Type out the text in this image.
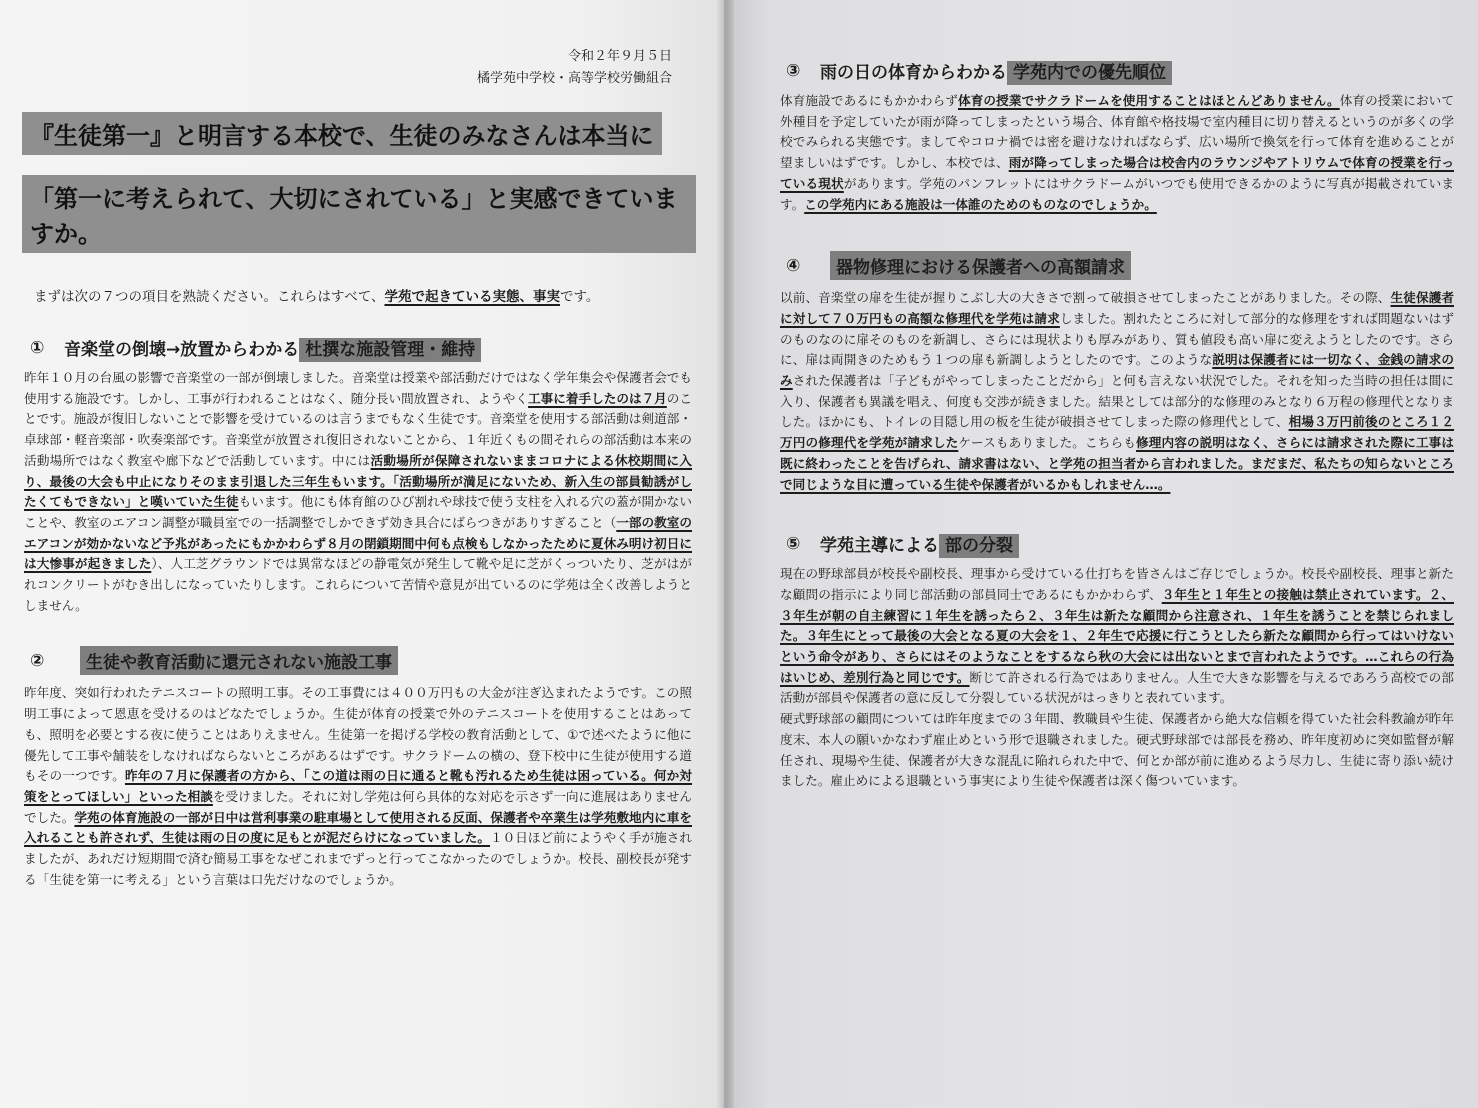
令和２年９月５日
橘学苑中学校・高等学校労働組合
『生徒第一』と明言する本校で、生徒のみなさんは本当に
「第一に考えられて、大切にされている」と実感できていますか。
まずは次の７つの項目を熟読ください。これらはすべて、学苑で起きている実態、事実です。
①	音楽堂の倒壊→放置からわかる 杜撰な施設管理・維持

昨年１０月の台風の影響で音楽堂の一部が倒壊しました。音楽堂は授業や部活動だけではなく学年集会や保護者会でも使用する施設です。しかし、工事が行われることはなく、随分長い間放置され、ようやく工事に着手したのは７月のことです。施設が復旧しないことで影響を受けているのは言うまでもなく生徒です。音楽堂を使用する部活動は剣道部・卓球部・軽音楽部・吹奏楽部です。音楽堂が放置され復旧されないことから、１年近くもの間それらの部活動は本来の活動場所ではなく教室や廊下などで活動しています。中には活動場所が保障されないままコロナによる休校期間に入り、最後の大会も中止になりそのまま引退した三年生もいます。「活動場所が満足にないため、新入生の部員勧誘がしたくてもできない」と嘆いていた生徒もいます。他にも体育館のひび割れや球技で使う支柱を入れる穴の蓋が開かないことや、教室のエアコン調整が職員室での一括調整でしかできず効き具合にばらつきがありすぎること（一部の教室のエアコンが効かないなど予兆があったにもかかわらず８月の閉鎖期間中何も点検もしなかったために夏休み明け初日には大惨事が起きました）、人工芝グラウンドでは異常なほどの静電気が発生して靴や足に芝がくっついたり、芝がはがれコンクリートがむき出しになっていたりします。これらについて苦情や意見が出ているのに学苑は全く改善しようとしません。

②	生徒や教育活動に還元されない施設工事

昨年度、突如行われたテニスコートの照明工事。その工事費には４００万円もの大金が注ぎ込まれたようです。この照明工事によって恩恵を受けるのはどなたでしょうか。生徒が体育の授業で外のテニスコートを使用することはあっても、照明を必要とする夜に使うことはありえません。生徒第一を掲げる学校の教育活動として、①で述べたように他に優先して工事や舗装をしなければならないところがあるはずです。サクラドームの横の、登下校中に生徒が使用する道もその一つです。昨年の７月に保護者の方から、「この道は雨の日に通ると靴も汚れるため生徒は困っている。何か対策をとってほしい」といった相談を受けました。それに対し学苑は何ら具体的な対応を示さず一向に進展はありませんでした。学苑の体育施設の一部が日中は営利事業の駐車場として使用される反面、保護者や卒業生は学苑敷地内に車を入れることも許されず、生徒は雨の日の度に足もとが泥だらけになっていました。１０日ほど前にようやく手が施されましたが、あれだけ短期間で済む簡易工事をなぜこれまでずっと行ってこなかったのでしょうか。校長、副校長が発する「生徒を第一に考える」という言葉は口先だけなのでしょうか。

③	雨の日の体育からわかる 学苑内での優先順位

体育施設であるにもかかわらず体育の授業でサクラドームを使用することはほとんどありません。体育の授業において外種目を予定していたが雨が降ってしまったという場合、体育館や格技場で室内種目に切り替えるというのが多くの学校でみられる実態です。ましてやコロナ禍では密を避けなければならず、広い場所で換気を行って体育を進めることが望ましいはずです。しかし、本校では、雨が降ってしまった場合は校舎内のラウンジやアトリウムで体育の授業を行っている現状があります。学苑のパンフレットにはサクラドームがいつでも使用できるかのように写真が掲載されています。この学苑内にある施設は一体誰のためのものなのでしょうか。

④	器物修理における保護者への高額請求

以前、音楽堂の扉を生徒が握りこぶし大の大きさで割って破損させてしまったことがありました。その際、生徒保護者に対して７０万円もの高額な修理代を学苑は請求しました。割れたところに対して部分的な修理をすれば問題ないはずのものなのに扉そのものを新調し、さらには現状よりも厚みがあり、質も値段も高い扉に変えようとしたのです。さらに、扉は両開きのためもう１つの扉も新調しようとしたのです。このような説明は保護者には一切なく、金銭の請求のみされた保護者は「子どもがやってしまったことだから」と何も言えない状況でした。それを知った当時の担任は間に入り、保護者も異議を唱え、何度も交渉が続きました。結果としては部分的な修理のみとなり６万程の修理代となりました。ほかにも、トイレの目隠し用の板を生徒が破損させてしまった際の修理代として、相場３万円前後のところ１２万円の修理代を学苑が請求したケースもありました。こちらも修理内容の説明はなく、さらには請求された際に工事は既に終わったことを告げられ、請求書はない、と学苑の担当者から言われました。まだまだ、私たちの知らないところで同じような目に遭っている生徒や保護者がいるかもしれません…。

⑤	学苑主導による 部の分裂

現在の野球部員が校長や副校長、理事から受けている仕打ちを皆さんはご存じでしょうか。校長や副校長、理事と新たな顧問の指示により同じ部活動の部員同士であるにもかかわらず、３年生と１年生との接触は禁止されています。２、３年生が朝の自主練習に１年生を誘ったら２、３年生は新たな顧問から注意され、１年生を誘うことを禁じられました。３年生にとって最後の大会となる夏の大会を１、２年生で応援に行こうとしたら新たな顧問から行ってはいけないという命令があり、さらにはそのようなことをするなら秋の大会には出ないとまで言われたようです。…これらの行為はいじめ、差別行為と同じです。断じて許される行為ではありません。人生で大きな影響を与えるであろう高校での部活動が部員や保護者の意に反して分裂している状況がはっきりと表れています。

硬式野球部の顧問については昨年度までの３年間、教職員や生徒、保護者から絶大な信頼を得ていた社会科教諭が昨年度末、本人の願いかなわず雇止めという形で退職されました。硬式野球部では部長を務め、昨年度初めに突如監督が解任され、現場や生徒、保護者が大きな混乱に陥れられた中で、何とか部が前に進めるよう尽力し、生徒に寄り添い続けました。雇止めによる退職という事実により生徒や保護者は深く傷ついています。
